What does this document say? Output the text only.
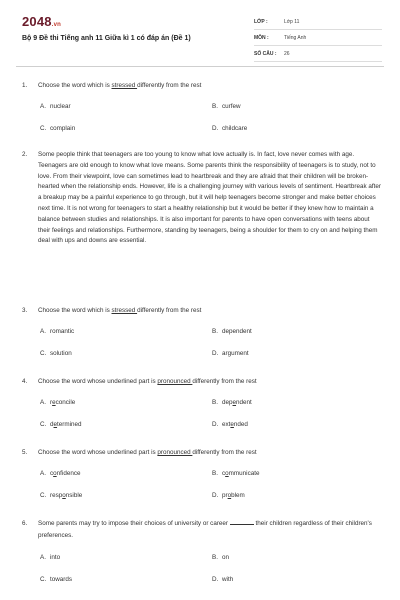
2048.vn
Bộ 9 Đề thi Tiếng anh 11 Giữa kì 1 có đáp án (Đề 1)
LỚP :	Lớp 11
MÔN :	Tiếng Anh
SỐ CÂU :	26
1. Choose the word which is stressed differently from the rest
A. nuclear	B. curfew
C. complain	D. childcare
2. Some people think that teenagers are too young to know what love actually is. In fact, love never comes with age. Teenagers are old enough to know what love means. Some parents think the responsibility of teenagers is to study, not to love. From their viewpoint, love can sometimes lead to heartbreak and they are afraid that their children will be broken-hearted when the relationship ends. However, life is a challenging journey with various levels of sentiment. Heartbreak after a breakup may be a painful experience to go through, but it will help teenagers become stronger and make better choices next time. It is not wrong for teenagers to start a healthy relationship but it would be better if they knew how to maintain a balance between studies and relationships. It is also important for parents to have open conversations with teens about their feelings and relationships. Furthermore, standing by teenagers, being a shoulder for them to cry on and helping them deal with ups and downs are essential.
3. Choose the word which is stressed differently from the rest
A. romantic	B. dependent
C. solution	D. argument
4. Choose the word whose underlined part is pronounced differently from the rest
A. reconcile	B. dependent
C. determined	D. extended
5. Choose the word whose underlined part is pronounced differently from the rest
A. confidence	B. communicate
C. responsible	D. problem
6. Some parents may try to impose their choices of university or career	their children regardless of their children's preferences.
A. into	B. on
C. towards	D. with
